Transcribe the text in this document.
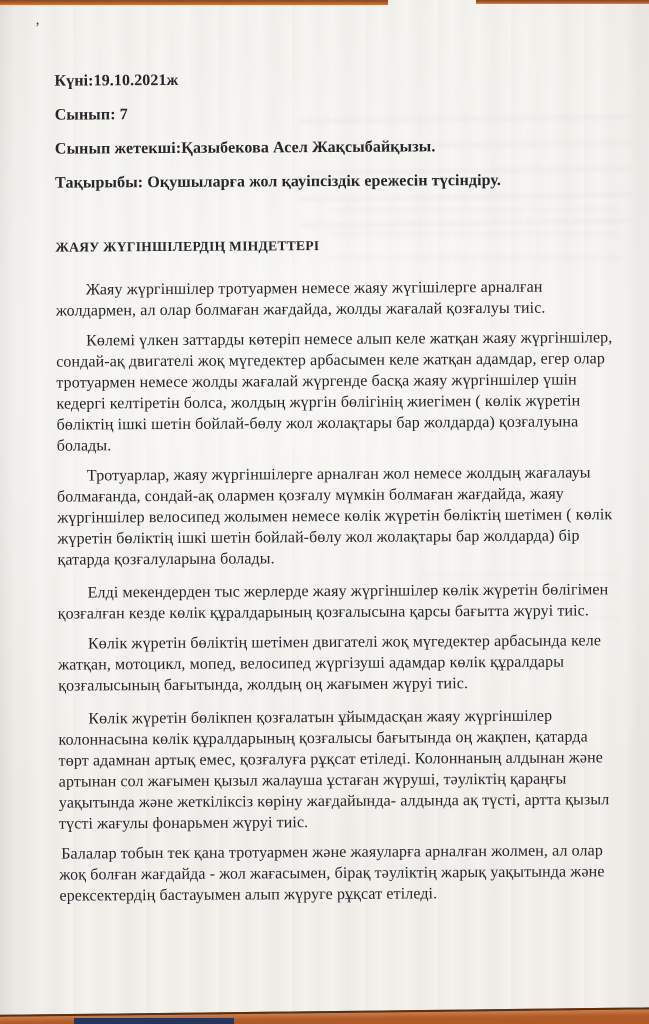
’

Күні:19.10.2021ж

Сынып: 7

Сынып жетекші:Қазыбекова Асел Жақсыбайқызы.

Тақырыбы: Оқушыларға жол қауіпсіздік ережесін түсіндіру.

ЖАЯУ ЖҮГІНШІЛЕРДІҢ МІНДЕТТЕРІ

Жаяу жүргіншілер тротуармен немесе жаяу жүгішілерге арналған жолдармен, ал олар болмаған жағдайда, жолды жағалай қозғалуы тиіс.

Көлемі үлкен заттарды көтеріп немесе алып келе жатқан жаяу жүргіншілер, сондай-ақ двигателі жоқ мүгедектер арбасымен келе жатқан адамдар, егер олар тротуармен немесе жолды жағалай жүргенде басқа жаяу жүргіншілер үшін кедергі келтіретін болса, жолдың жүргін бөлігінің жиегімен ( көлік жүретін бөліктің ішкі шетін бойлай-бөлу жол жолақтары бар жолдарда) қозғалуына болады.

Тротуарлар, жаяу жүргіншілерге арналған жол немесе жолдың жағалауы болмағанда, сондай-ақ олармен қозғалу мүмкін болмаған жағдайда, жаяу жүргіншілер велосипед жолымен немесе көлік жүретін бөліктің шетімен ( көлік жүретін бөліктің ішкі шетін бойлай-бөлу жол жолақтары бар жолдарда) бір қатарда қозғалуларына болады.

Елді мекендерден тыс жерлерде жаяу жүргіншілер көлік жүретін бөлігімен қозғалған кезде көлік құралдарының қозғалысына қарсы бағытта жүруі тиіс.

Көлік жүретін бөліктің шетімен двигателі жоқ мүгедектер арбасында келе жатқан, мотоцикл, мопед, велосипед жүргізуші адамдар көлік құралдары қозғалысының бағытында, жолдың оң жағымен жүруі тиіс.

Көлік жүретін бөлікпен қозғалатын ұйымдасқан жаяу жүргіншілер колоннасына көлік құралдарының қозғалысы бағытында оң жақпен, қатарда төрт адамнан артық емес, қозғалуға рұқсат етіледі. Колоннаның алдынан және артынан сол жағымен қызыл жалауша ұстаған жүруші, тәуліктің қараңғы уақытында және жеткіліксіз көріну жағдайында- алдында ақ түсті, артта қызыл түсті жағулы фонарьмен жүруі тиіс.

Балалар тобын тек қана тротуармен және жаяуларға арналған жолмен, ал олар жоқ болған жағдайда - жол жағасымен, бірақ тәуліктің жарық уақытында және ерексектердің бастауымен алып жүруге рұқсат етіледі.
